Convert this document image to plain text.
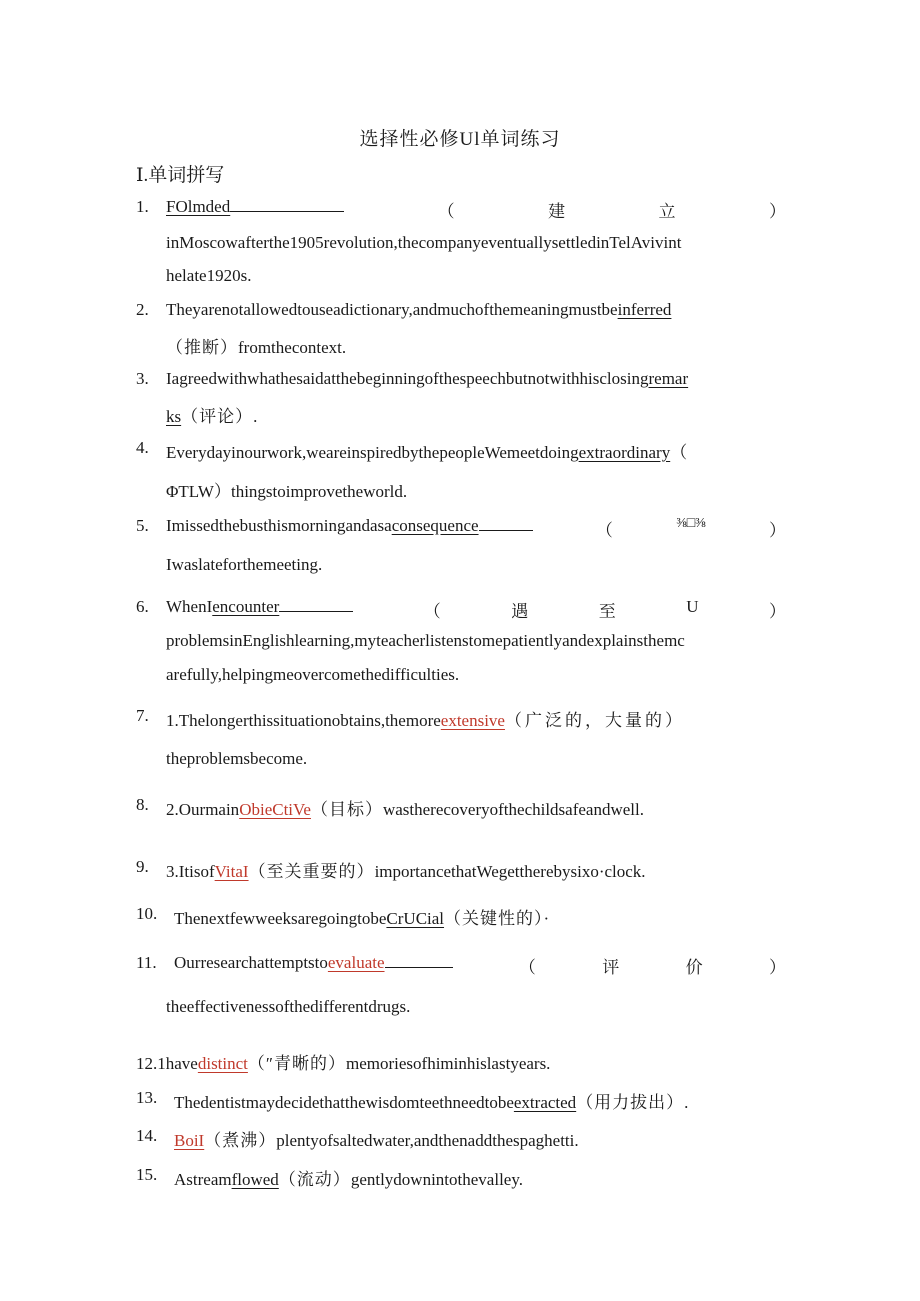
选择性必修Ul单词练习
Ⅰ.单词拼写
1. FOlmded	（	建	立	）
inMoscowafterthe1905revolution,thecompanyeventuallysettledinTelAvivint
helate1920s.
2. Theyarenotallowedtouseadictionary,andmuchofthemeaningmustbeinferred
（推断）fromthecontext.
3. Iagreedwithwhathesaidatthebeginningofthespeechbutnotwithhisclosingremar
ks（评论）.
4. Everydayinourwork,weareinspiredbythepeopleWemeetdoingextraordinary（
ΦTLW）thingstoimprovetheworld.
5. Imissedthebusthismorningandasaconsequence	（	⅜□⅜	）
Iwaslateforthemeeting.
6. WhenIencounter	（	遇	至	U	）
problemsinEnglishlearning,myteacherlistenstomepatientlyandexplainsthemc
arefully,helpingmeovercomethedifficulties.
7. 1.Thelongerthissituationobtains,themoreextensive（广泛的，大量的）
theproblemsbecome.
8. 2.OurmainObieCtiVe（目标）wastherecoveryofthechildsafeandwell.
9. 3.ItisofVitaI（至关重要的）importancethatWegettherebysixo·clock.
10. ThenextfewweeksaregoingtobeCrUCial（关键性的）·
11. Ourresearchattemptstoevaluate	（	评	价	）
theeffectivenessofthedifferentdrugs.
12.1havedistinct（″青晰的）memoriesofhiminhislastyears.
13. Thedentistmaydecidethatthewisdomteethneedtobeextracted（用力拔出）.
14. BoiI（煮沸）plentyofsaltedwater,andthenaddthespaghetti.
15. Astreamflowed（流动）gentlydownintothevalley.
